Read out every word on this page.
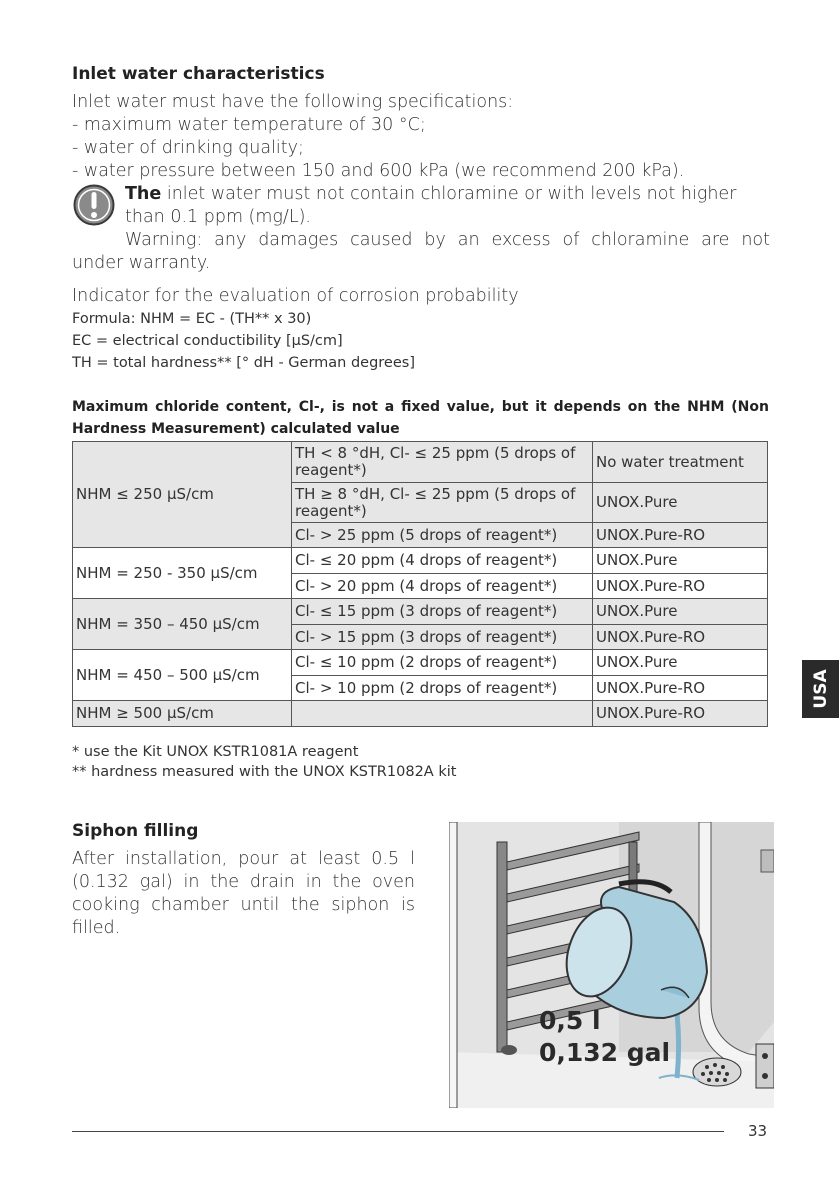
Inlet water characteristics
Inlet water must have the following specifications:
- maximum water temperature of 30 °C;
- water of drinking quality;
- water pressure between 150 and 600 kPa (we recommend 200 kPa).
The inlet water must not contain chloramine or with levels not higher
than 0.1 ppm (mg/L).
Warning: any damages caused by an excess of chloramine are not
under warranty.
Indicator for the evaluation of corrosion probability
Formula: NHM = EC - (TH** x 30)
EC = electrical conductibility [µS/cm]
TH = total hardness** [° dH - German degrees]
Maximum chloride content, Cl-, is not a fixed value, but it depends on the NHM (Non
Hardness Measurement) calculated value
NHM ≤ 250 µS/cm	TH < 8 °dH, Cl- ≤ 25 ppm (5 drops of reagent*)	No water treatment
	TH ≥ 8 °dH, Cl- ≤ 25 ppm (5 drops of reagent*)	UNOX.Pure
	Cl- > 25 ppm (5 drops of reagent*)	UNOX.Pure-RO
NHM = 250 - 350 µS/cm	Cl- ≤ 20 ppm (4 drops of reagent*)	UNOX.Pure
	Cl- > 20 ppm (4 drops of reagent*)	UNOX.Pure-RO
NHM = 350 – 450 µS/cm	Cl- ≤ 15 ppm (3 drops of reagent*)	UNOX.Pure
	Cl- > 15 ppm (3 drops of reagent*)	UNOX.Pure-RO
NHM = 450 – 500 µS/cm	Cl- ≤ 10 ppm (2 drops of reagent*)	UNOX.Pure
	Cl- > 10 ppm (2 drops of reagent*)	UNOX.Pure-RO
NHM ≥ 500 µS/cm		UNOX.Pure-RO
* use the Kit UNOX KSTR1081A reagent
** hardness measured with the UNOX KSTR1082A kit
Siphon filling
After installation, pour at least 0.5 l
(0.132 gal) in the drain in the oven
cooking chamber until the siphon is
filled.
0,5 l
0,132 gal
USA
33
